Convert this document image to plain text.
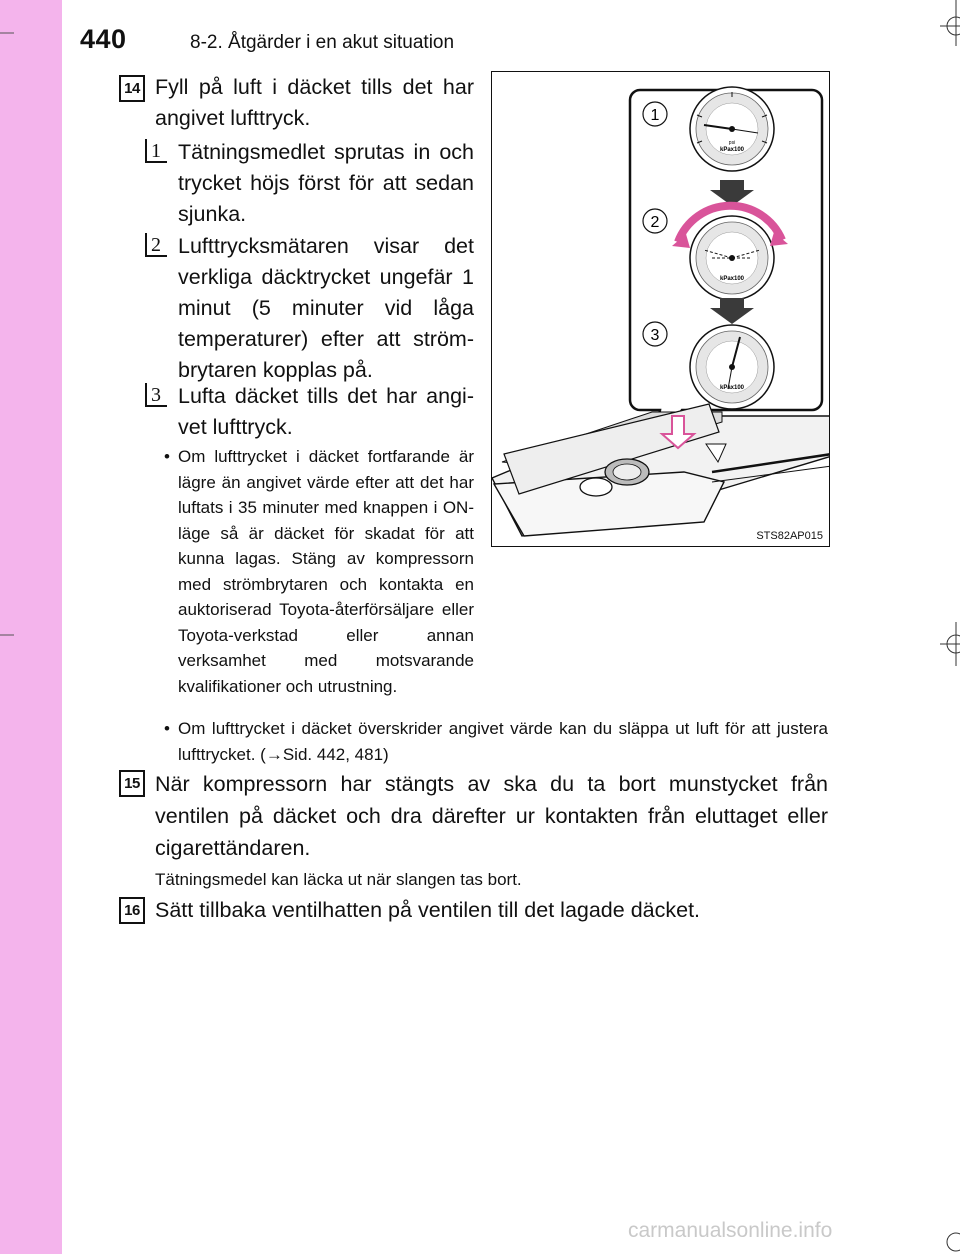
440	8-2. Åtgärder i en akut situation
14 Fyll på luft i däcket tills det har angivet lufttryck.
1 Tätningsmedlet sprutas in och trycket höjs först för att sedan sjunka.
2 Lufttrycksmätaren visar det verkliga däcktrycket ungefär 1 minut (5 minuter vid låga temperaturer) efter att ström-brytaren kopplas på.
3 Lufta däcket tills det har angi-vet lufttryck.
• Om lufttrycket i däcket fortfarande är lägre än angivet värde efter att det har luftats i 35 minuter med knappen i ON-läge så är däcket för skadat för att kunna lagas. Stäng av kompressorn med strömbrytaren och kontakta en auktoriserad Toyota-återförsäljare eller Toyota-verkstad eller annan verksamhet med motsvarande kvalifikationer och utrustning.
• Om lufttrycket i däcket överskrider angivet värde kan du släppa ut luft för att justera lufttrycket. (→Sid. 442, 481)
1
2
3
kPax100
psi
kPax100
kPax100
STS82AP015
15 När kompressorn har stängts av ska du ta bort munstycket från ventilen på däcket och dra därefter ur kontakten från eluttaget eller cigarettändaren.
Tätningsmedel kan läcka ut när slangen tas bort.
16 Sätt tillbaka ventilhatten på ventilen till det lagade däcket.
carmanualsonline.info
